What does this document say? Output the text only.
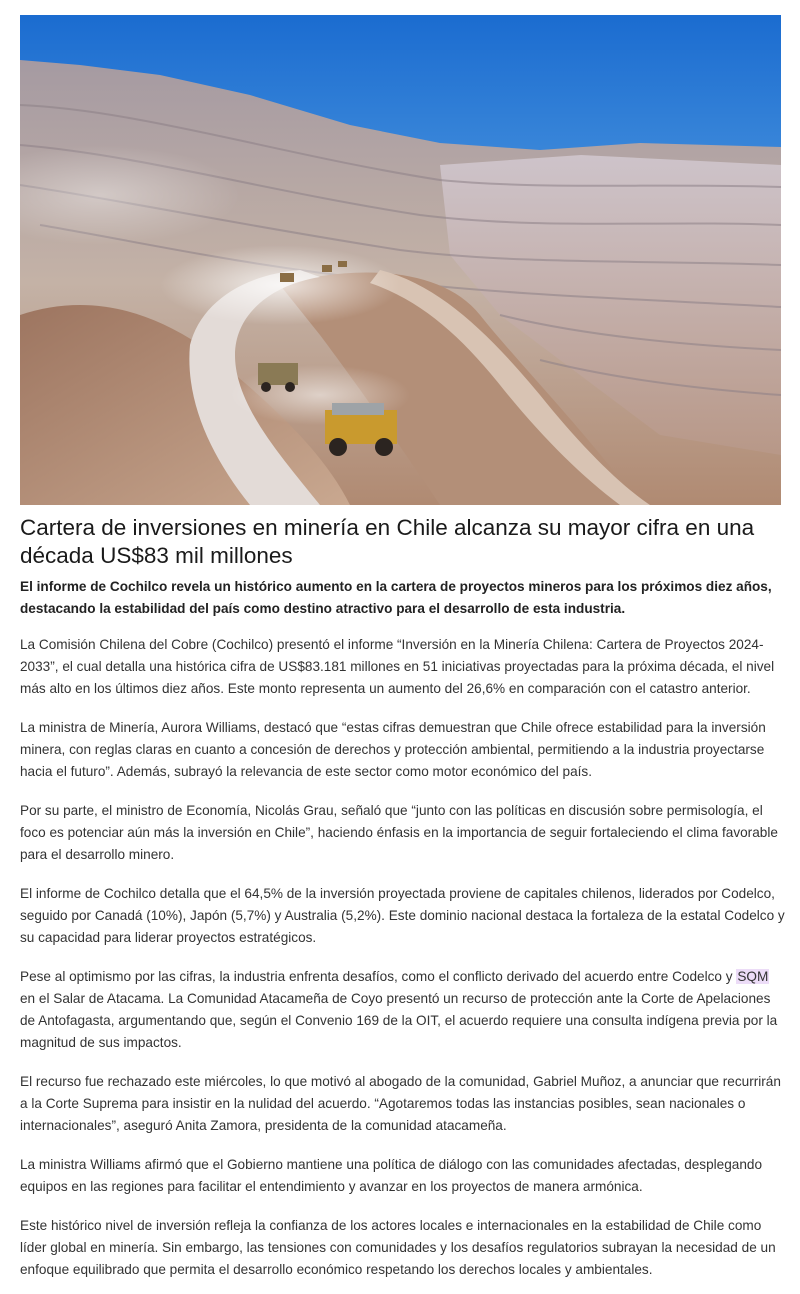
Cartera de inversiones en minería en Chile alcanza su mayor cifra en una década US$83 mil millones

El informe de Cochilco revela un histórico aumento en la cartera de proyectos mineros para los próximos diez años, destacando la estabilidad del país como destino atractivo para el desarrollo de esta industria.

La Comisión Chilena del Cobre (Cochilco) presentó el informe “Inversión en la Minería Chilena: Cartera de Proyectos 2024-2033”, el cual detalla una histórica cifra de US$83.181 millones en 51 iniciativas proyectadas para la próxima década, el nivel más alto en los últimos diez años. Este monto representa un aumento del 26,6% en comparación con el catastro anterior.

La ministra de Minería, Aurora Williams, destacó que “estas cifras demuestran que Chile ofrece estabilidad para la inversión minera, con reglas claras en cuanto a concesión de derechos y protección ambiental, permitiendo a la industria proyectarse hacia el futuro”. Además, subrayó la relevancia de este sector como motor económico del país.

Por su parte, el ministro de Economía, Nicolás Grau, señaló que “junto con las políticas en discusión sobre permisología, el foco es potenciar aún más la inversión en Chile”, haciendo énfasis en la importancia de seguir fortaleciendo el clima favorable para el desarrollo minero.

El informe de Cochilco detalla que el 64,5% de la inversión proyectada proviene de capitales chilenos, liderados por Codelco, seguido por Canadá (10%), Japón (5,7%) y Australia (5,2%). Este dominio nacional destaca la fortaleza de la estatal Codelco y su capacidad para liderar proyectos estratégicos.

Pese al optimismo por las cifras, la industria enfrenta desafíos, como el conflicto derivado del acuerdo entre Codelco y SQM en el Salar de Atacama. La Comunidad Atacameña de Coyo presentó un recurso de protección ante la Corte de Apelaciones de Antofagasta, argumentando que, según el Convenio 169 de la OIT, el acuerdo requiere una consulta indígena previa por la magnitud de sus impactos.

El recurso fue rechazado este miércoles, lo que motivó al abogado de la comunidad, Gabriel Muñoz, a anunciar que recurrirán a la Corte Suprema para insistir en la nulidad del acuerdo. “Agotaremos todas las instancias posibles, sean nacionales o internacionales”, aseguró Anita Zamora, presidenta de la comunidad atacameña.

La ministra Williams afirmó que el Gobierno mantiene una política de diálogo con las comunidades afectadas, desplegando equipos en las regiones para facilitar el entendimiento y avanzar en los proyectos de manera armónica.

Este histórico nivel de inversión refleja la confianza de los actores locales e internacionales en la estabilidad de Chile como líder global en minería. Sin embargo, las tensiones con comunidades y los desafíos regulatorios subrayan la necesidad de un enfoque equilibrado que permita el desarrollo económico respetando los derechos locales y ambientales.
